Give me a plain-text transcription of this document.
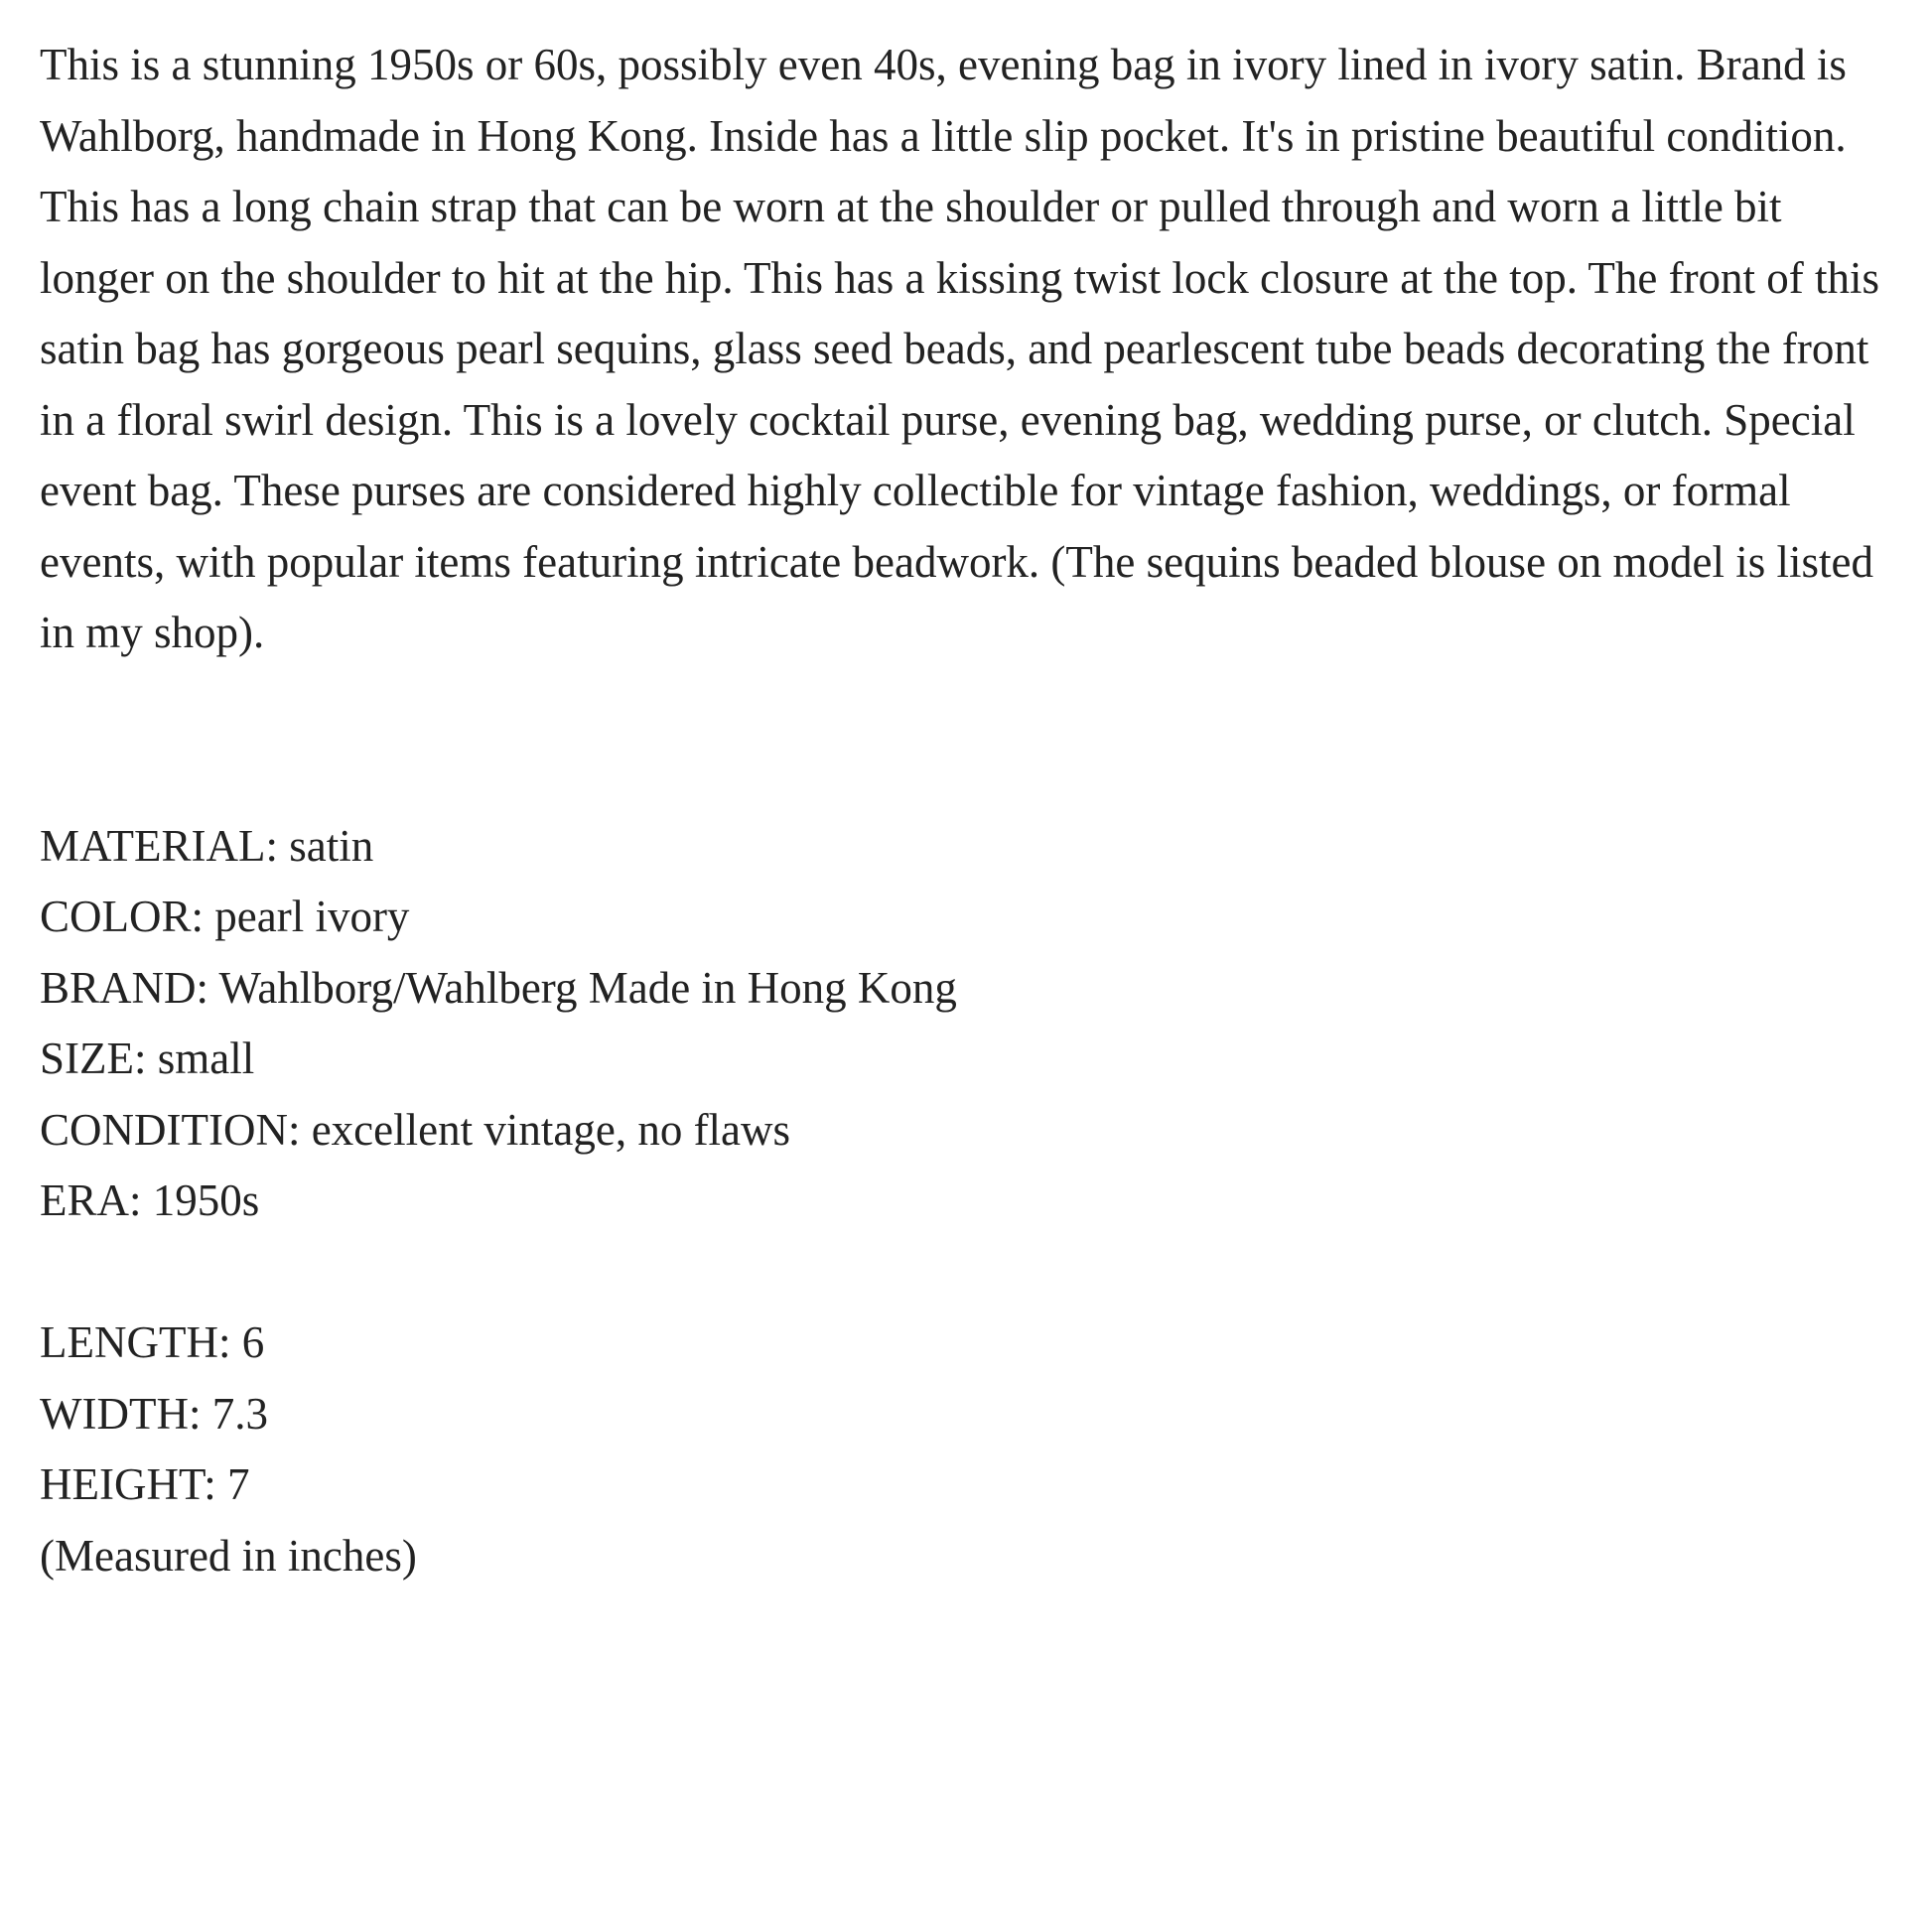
This is a stunning 1950s or 60s, possibly even 40s, evening bag in ivory lined in ivory satin. Brand is Wahlborg, handmade in Hong Kong. Inside has a little slip pocket. It's in pristine beautiful condition. This has a long chain strap that can be worn at the shoulder or pulled through and worn a little bit longer on the shoulder to hit at the hip. This has a kissing twist lock closure at the top. The front of this satin bag has gorgeous pearl sequins, glass seed beads, and pearlescent tube beads decorating the front in a floral swirl design. This is a lovely cocktail purse, evening bag, wedding purse, or clutch. Special event bag. These purses are considered highly collectible for vintage fashion, weddings, or formal events, with popular items featuring intricate beadwork. (The sequins beaded blouse on model is listed in my shop).

MATERIAL: satin
COLOR: pearl ivory
BRAND: Wahlborg/Wahlberg Made in Hong Kong
SIZE: small
CONDITION: excellent vintage, no flaws
ERA: 1950s
LENGTH: 6
WIDTH: 7.3
HEIGHT: 7
(Measured in inches)
